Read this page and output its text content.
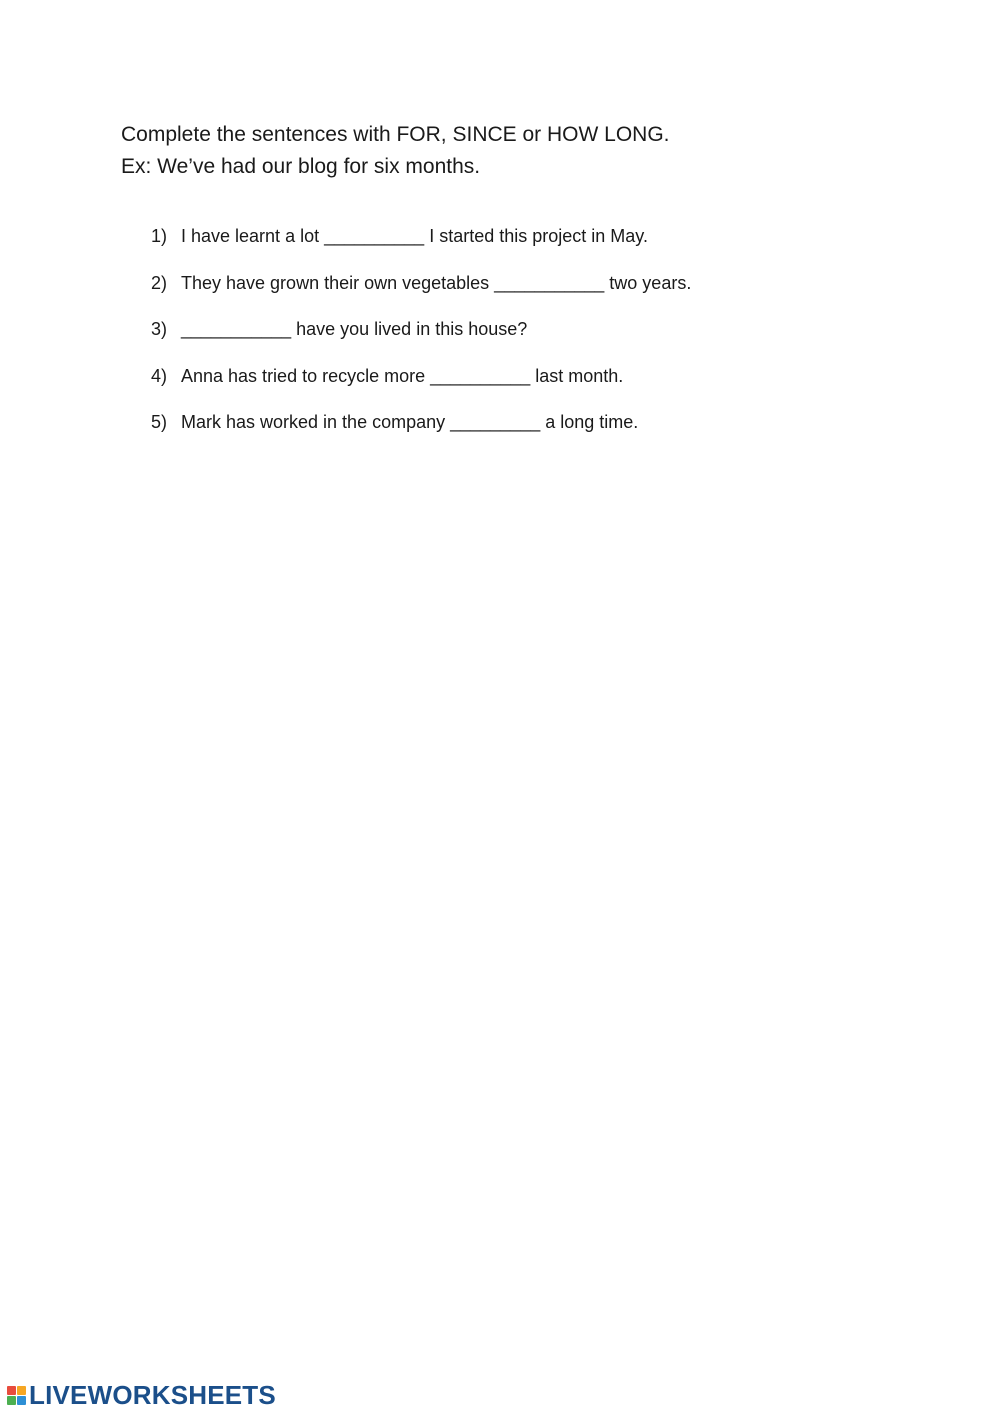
Complete the sentences with FOR, SINCE or HOW LONG.

Ex: We’ve had our blog for six months.

1) I have learnt a lot __________ I started this project in May.
2) They have grown their own vegetables ___________ two years.
3) ___________ have you lived in this house?
4) Anna has tried to recycle more __________ last month.
5) Mark has worked in the company _________ a long time.
LIVEWORKSHEETS
